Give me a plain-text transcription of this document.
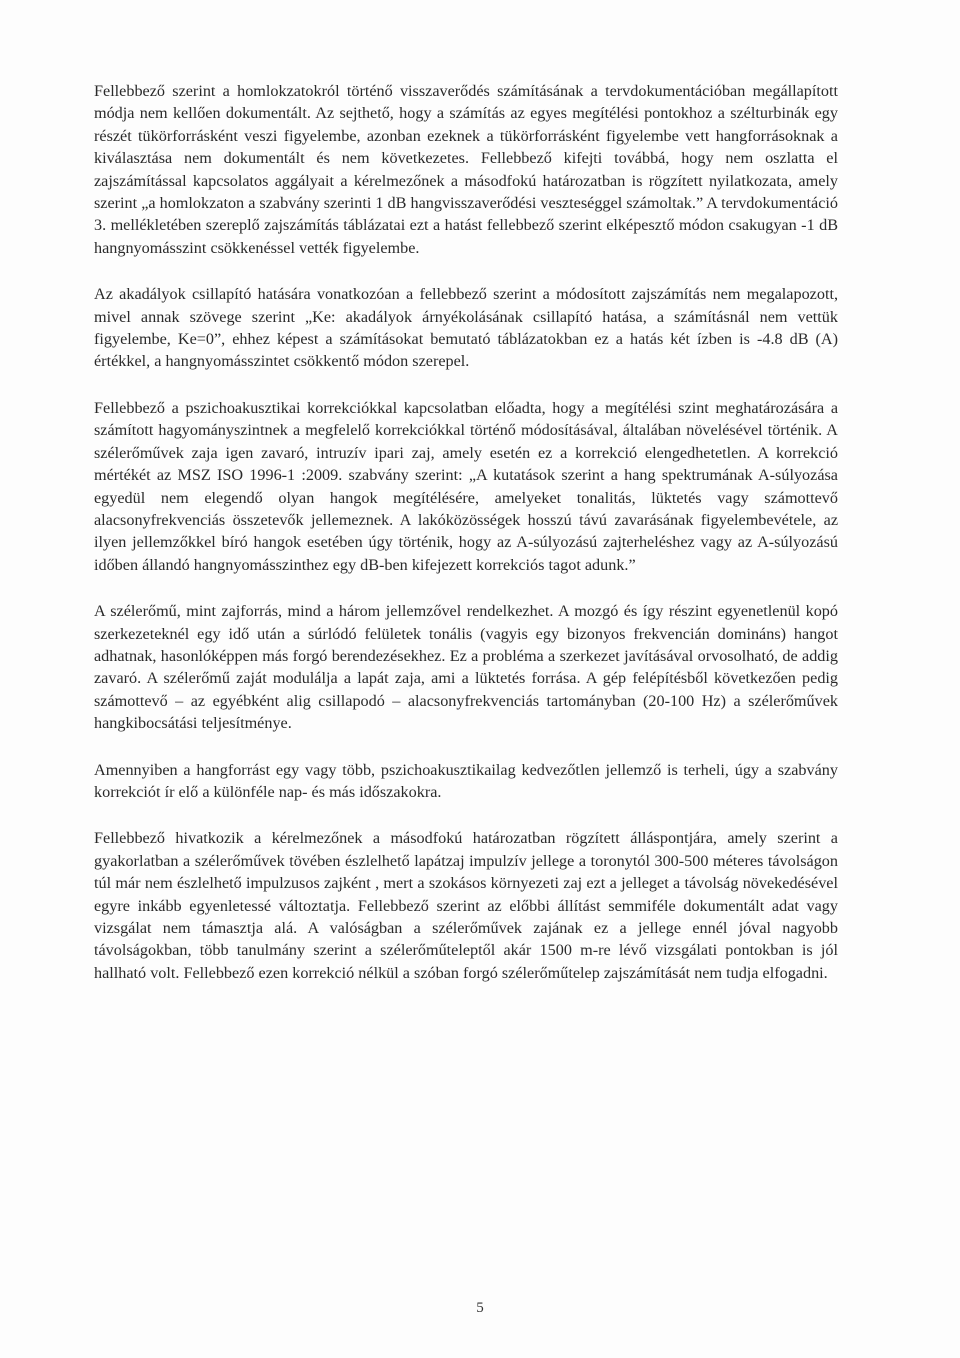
Fellebbező szerint a homlokzatokról történő visszaverődés számításának a tervdokumentációban megállapított módja nem kellően dokumentált. Az sejthető, hogy a számítás az egyes megítélési pontokhoz a szélturbinák egy részét tükörforrásként veszi figyelembe, azonban ezeknek a tükörforrásként figyelembe vett hangforrásoknak a kiválasztása nem dokumentált és nem következetes. Fellebbező kifejti továbbá, hogy nem oszlatta el zajszámítással kapcsolatos aggályait a kérelmezőnek a másodfokú határozatban is rögzített nyilatkozata, amely szerint „a homlokzaton a szabvány szerinti 1 dB hangvisszaverődési veszteséggel számoltak.” A tervdokumentáció 3. mellékletében szereplő zajszámítás táblázatai ezt a hatást fellebbező szerint elképesztő módon csakugyan -1 dB hangnyomásszint csökkenéssel vették figyelembe.

Az akadályok csillapító hatására vonatkozóan a fellebbező szerint a módosított zajszámítás nem megalapozott, mivel annak szövege szerint „Ke: akadályok árnyékolásának csillapító hatása, a számításnál nem vettük figyelembe, Ke=0”, ehhez képest a számításokat bemutató táblázatokban ez a hatás két ízben is -4.8 dB (A) értékkel, a hangnyomásszintet csökkentő módon szerepel.

Fellebbező a pszichoakusztikai korrekciókkal kapcsolatban előadta, hogy a megítélési szint meghatározására a számított hagyományszintnek a megfelelő korrekciókkal történő módosításával, általában növelésével történik. A szélerőművek zaja igen zavaró, intruzív ipari zaj, amely esetén ez a korrekció elengedhetetlen. A korrekció mértékét az MSZ ISO 1996-1 :2009. szabvány szerint: „A kutatások szerint a hang spektrumának A-súlyozása egyedül nem elegendő olyan hangok megítélésére, amelyeket tonalitás, lüktetés vagy számottevő alacsonyfrekvenciás összetevők jellemeznek. A lakóközösségek hosszú távú zavarásának figyelembevétele, az ilyen jellemzőkkel bíró hangok esetében úgy történik, hogy az A-súlyozású zajterheléshez vagy az A-súlyozású időben állandó hangnyomásszinthez egy dB-ben kifejezett korrekciós tagot adunk.”

A szélerőmű, mint zajforrás, mind a három jellemzővel rendelkezhet. A mozgó és így részint egyenetlenül kopó szerkezeteknél egy idő után a súrlódó felületek tonális (vagyis egy bizonyos frekvencián domináns) hangot adhatnak, hasonlóképpen más forgó berendezésekhez. Ez a probléma a szerkezet javításával orvosolható, de addig zavaró. A szélerőmű zaját modulálja a lapát zaja, ami a lüktetés forrása. A gép felépítésből következően pedig számottevő – az egyébként alig csillapodó – alacsonyfrekvenciás tartományban (20-100 Hz) a szélerőművek hangkibocsátási teljesítménye.

Amennyiben a hangforrást egy vagy több, pszichoakusztikailag kedvezőtlen jellemző is terheli, úgy a szabvány korrekciót ír elő a különféle nap- és más időszakokra.

Fellebbező hivatkozik a kérelmezőnek a másodfokú határozatban rögzített álláspontjára, amely szerint a gyakorlatban a szélerőművek tövében észlelhető lapátzaj impulzív jellege a toronytól 300-500 méteres távolságon túl már nem észlelhető impulzusos zajként , mert a szokásos környezeti zaj ezt a jelleget a távolság növekedésével egyre inkább egyenletessé változtatja. Fellebbező szerint az előbbi állítást semmiféle dokumentált adat vagy vizsgálat nem támasztja alá. A valóságban a szélerőművek zajának ez a jellege ennél jóval nagyobb távolságokban, több tanulmány szerint a szélerőműteleptől akár 1500 m-re lévő vizsgálati pontokban is jól hallható volt. Fellebbező ezen korrekció nélkül a szóban forgó szélerőműtelep zajszámítását nem tudja elfogadni.

5
